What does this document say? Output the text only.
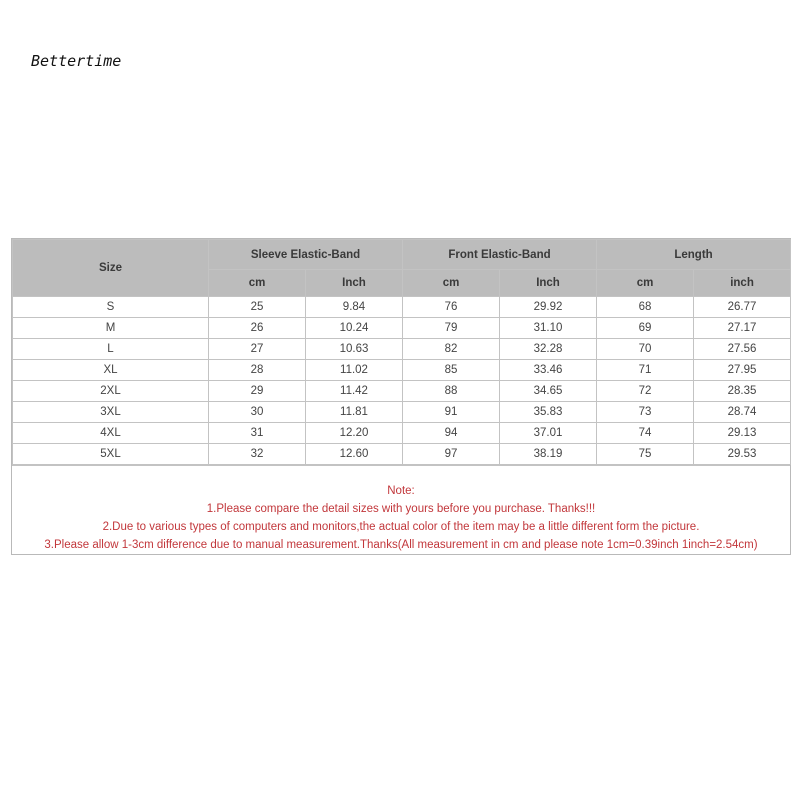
Bettertime
Size	Sleeve Elastic-Band		Front Elastic-Band		Length	
	cm	Inch	cm	Inch	cm	inch
S	25	9.84	76	29.92	68	26.77
M	26	10.24	79	31.10	69	27.17
L	27	10.63	82	32.28	70	27.56
XL	28	11.02	85	33.46	71	27.95
2XL	29	11.42	88	34.65	72	28.35
3XL	30	11.81	91	35.83	73	28.74
4XL	31	12.20	94	37.01	74	29.13
5XL	32	12.60	97	38.19	75	29.53
Note:
1.Please compare the detail sizes with yours before you purchase. Thanks!!!
2.Due to various types of computers and monitors,the actual color of the item may be a little different form the picture.
3.Please allow 1-3cm difference due to manual measurement.Thanks(All measurement in cm and please note 1cm=0.39inch 1inch=2.54cm)
